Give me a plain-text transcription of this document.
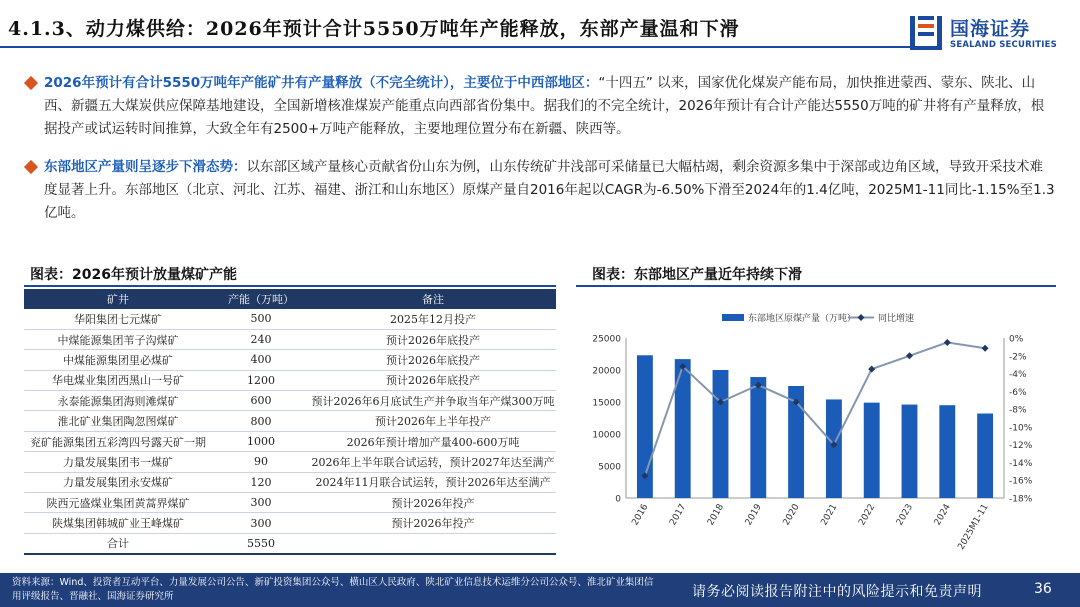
4.1.3、动力煤供给：2026年预计合计5550万吨年产能释放，东部产量温和下滑	国海证券
SEALAND SECURITIES
2026年预计有合计5550万吨年产能矿井有产量释放（不完全统计），主要位于中西部地区：“十四五” 以来，国家优化煤炭产能布局，加快推进蒙西、蒙东、陕北、山西、新疆五大煤炭供应保障基地建设，全国新增核准煤炭产能重点向西部省份集中。据我们的不完全统计，2026年预计有合计产能达5550万吨的矿井将有产量释放，根据投产或试运转时间推算，大致全年有2500+万吨产能释放，主要地理位置分布在新疆、陕西等。
东部地区产量则呈逐步下滑态势：以东部区域产量核心贡献省份山东为例，山东传统矿井浅部可采储量已大幅枯竭，剩余资源多集中于深部或边角区域，导致开采技术难度显著上升。东部地区（北京、河北、江苏、福建、浙江和山东地区）原煤产量自2016年起以CAGR为-6.50%下滑至2024年的1.4亿吨，2025M1-11同比-1.15%至1.3亿吨。
图表：2026年预计放量煤矿产能
矿井	产能（万吨）	备注
华阳集团七元煤矿	500	2025年12月投产
中煤能源集团苇子沟煤矿	240	预计2026年底投产
中煤能源集团里必煤矿	400	预计2026年底投产
华电煤业集团西黑山一号矿	1200	预计2026年底投产
永泰能源集团海则滩煤矿	600	预计2026年6月底试生产并争取当年产煤300万吨
淮北矿业集团陶忽图煤矿	800	预计2026年上半年投产
兖矿能源集团五彩湾四号露天矿一期	1000	2026年预计增加产量400-600万吨
力量发展集团韦一煤矿	90	2026年上半年联合试运转，预计2027年达至满产
力量发展集团永安煤矿	120	2024年11月联合试运转，预计2026年达至满产
陕西元盛煤业集团黄蒿界煤矿	300	预计2026年投产
陕煤集团韩城矿业王峰煤矿	300	预计2026年投产
合计	5550	
图表：东部地区产量近年持续下滑
0
5000
10000
15000
20000
25000	0%
-2%
-4%
-6%
-8%
-10%
-12%
-14%
-16%
-18%
2016 2017 2018 2019 2020 2021 2022 2023 2024 2025M1-11
东部地区原煤产量（万吨） 同比增速
资料来源：Wind、投资者互动平台、力量发展公司公告、新矿投资集团公众号、横山区人民政府、陕北矿业信息技术运维分公司公众号、淮北矿业集团信用评级报告、晋融社、国海证券研究所	请务必阅读报告附注中的风险提示和免责声明	36
